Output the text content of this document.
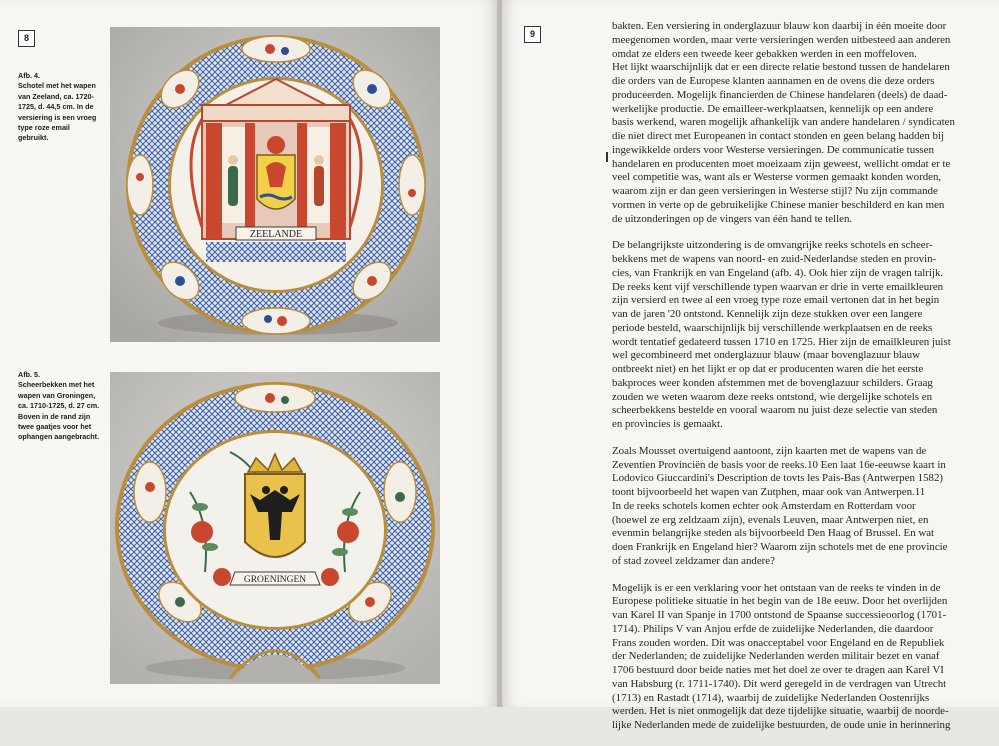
8
Afb. 4.
Schotel met het wapen
van Zeeland, ca. 1720-
1725, d. 44,5 cm. In de
versiering is een vroeg
type roze email gebruikt.
Afb. 5.
Scheerbekken met het
wapen van Groningen,
ca. 1710-1725, d. 27 cm.
Boven in de rand zijn
twee gaatjes voor het
ophangen aangebracht.
ZEELANDE
GROENINGEN
9

bakten. Een versiering in onderglazuur blauw kon daarbij in één moeite door
meegenomen worden, maar verte versieringen werden uitbesteed aan anderen
omdat ze elders een tweede keer gebakken werden in een moffeloven.
Het lijkt waarschijnlijk dat er een directe relatie bestond tussen de handelaren
die orders van de Europese klanten aannamen en de ovens die deze orders
produceerden. Mogelijk financierden de Chinese handelaren (deels) de daad-
werkelijke productie. De emailleer-werkplaatsen, kennelijk op een andere
basis werkend, waren mogelijk afhankelijk van andere handelaren / syndicaten
die niet direct met Europeanen in contact stonden en geen belang hadden bij
ingewikkelde orders voor Westerse versieringen. De communicatie tussen
handelaren en producenten moet moeizaam zijn geweest, wellicht omdat er te
veel competitie was, want als er Westerse vormen gemaakt konden worden,
waarom zijn er dan geen versieringen in Westerse stijl? Nu zijn commande
vormen in verte op de gebruikelijke Chinese manier beschilderd en kan men
de uitzonderingen op de vingers van één hand te tellen.

De belangrijkste uitzondering is de omvangrijke reeks schotels en scheer-
bekkens met de wapens van noord- en zuid-Nederlandse steden en provin-
cies, van Frankrijk en van Engeland (afb. 4). Ook hier zijn de vragen talrijk.
De reeks kent vijf verschillende typen waarvan er drie in verte emailkleuren
zijn versierd en twee al een vroeg type roze email vertonen dat in het begin
van de jaren '20 ontstond. Kennelijk zijn deze stukken over een langere
periode besteld, waarschijnlijk bij verschillende werkplaatsen en de reeks
wordt tentatief gedateerd tussen 1710 en 1725. Hier zijn de emailkleuren juist
wel gecombineerd met onderglazuur blauw (maar bovenglazuur blauw
ontbreekt niet) en het lijkt er op dat er producenten waren die het eerste
bakproces weer konden afstemmen met de bovenglazuur schilders. Graag
zouden we weten waarom deze reeks ontstond, wie dergelijke schotels en
scheerbekkens bestelde en vooral waarom nu juist deze selectie van steden
en provincies is gemaakt.

Zoals Mousset overtuigend aantoont, zijn kaarten met de wapens van de
Zeventien Provinciën de basis voor de reeks.10 Een laat 16e-eeuwse kaart in
Lodovico Giuccardini's Description de tovts les Pais-Bas (Antwerpen 1582)
toont bijvoorbeeld het wapen van Zutphen, maar ook van Antwerpen.11
In de reeks schotels komen echter ook Amsterdam en Rotterdam voor
(hoewel ze erg zeldzaam zijn), evenals Leuven, maar Antwerpen niet, en
evenmin belangrijke steden als bijvoorbeeld Den Haag of Brussel. En wat
doen Frankrijk en Engeland hier? Waarom zijn schotels met de ene provincie
of stad zoveel zeldzamer dan andere?

Mogelijk is er een verklaring voor het ontstaan van de reeks te vinden in de
Europese politieke situatie in het begin van de 18e eeuw. Door het overlijden
van Karel II van Spanje in 1700 ontstond de Spaanse successieoorlog (1701-
1714). Philips V van Anjou erfde de zuidelijke Nederlanden, die daardoor
Frans zouden worden. Dit was onacceptabel voor Engeland en de Republiek
der Nederlanden; de zuidelijke Nederlanden werden militair bezet en vanaf
1706 bestuurd door beide naties met het doel ze over te dragen aan Karel VI
van Habsburg (r. 1711-1740). Dit werd geregeld in de verdragen van Utrecht
(1713) en Rastadt (1714), waarbij de zuidelijke Nederlanden Oostenrijks
werden. Het is niet onmogelijk dat deze tijdelijke situatie, waarbij de noorde-
lijke Nederlanden mede de zuidelijke bestuurden, de oude unie in herinnering
